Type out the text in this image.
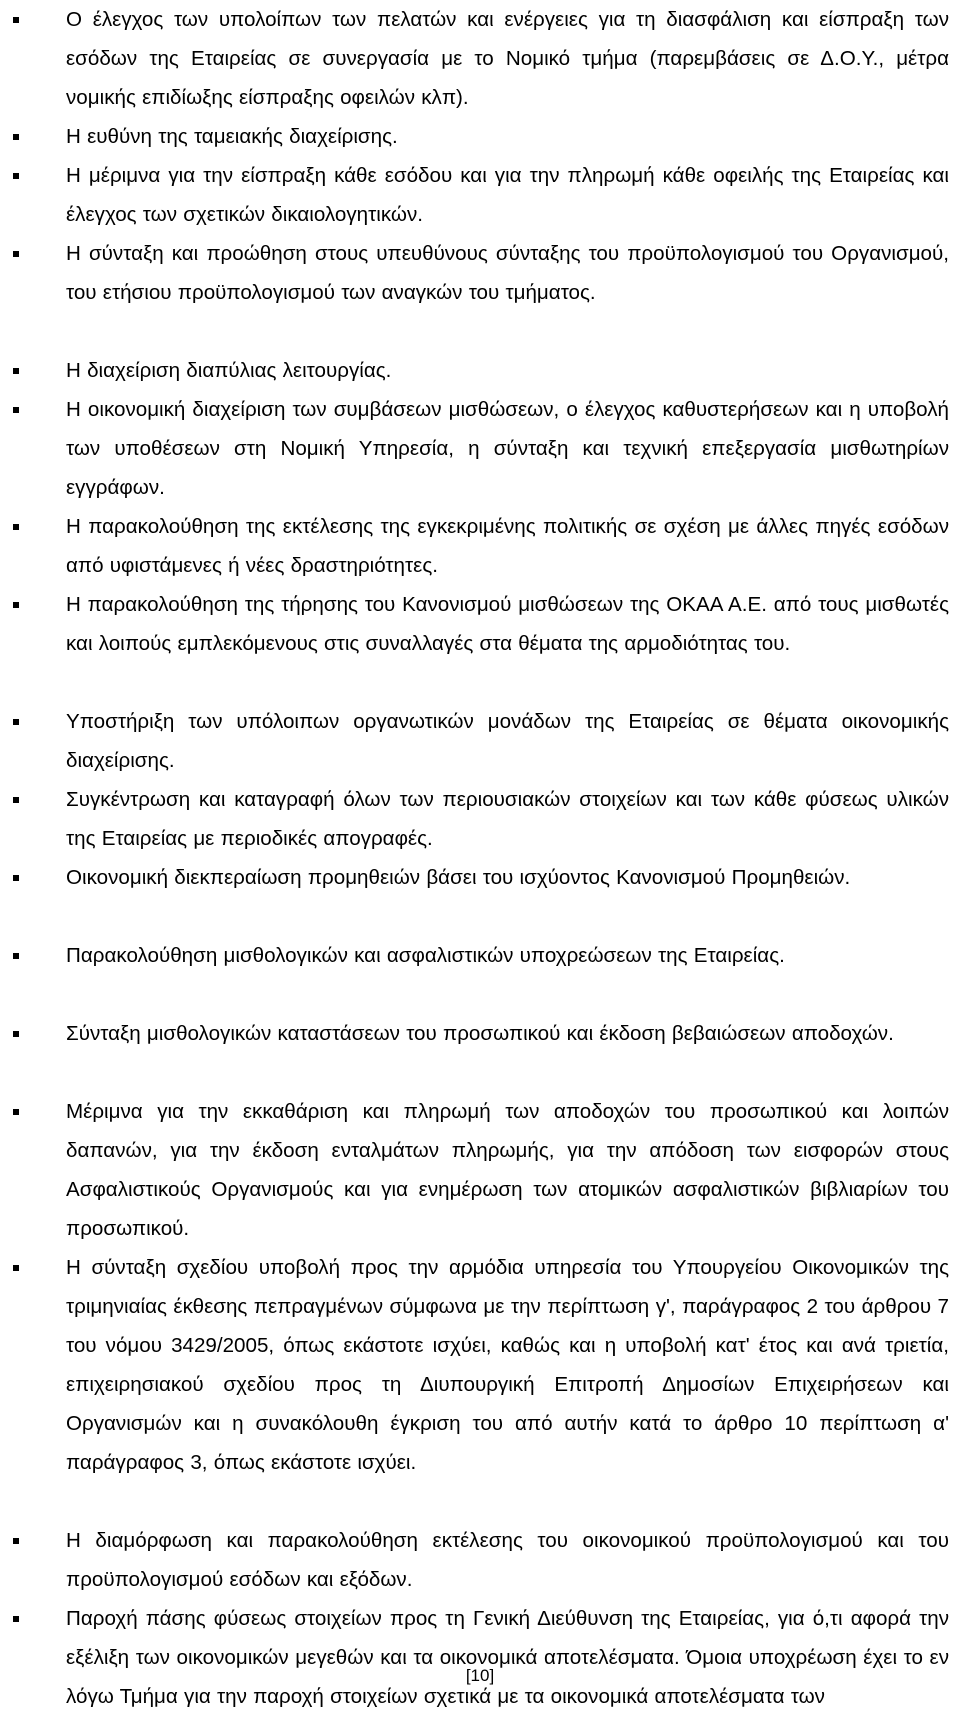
Ο έλεγχος των υπολοίπων των πελατών και ενέργειες για τη διασφάλιση και είσπραξη των εσόδων της Εταιρείας σε συνεργασία με το Νομικό τμήμα (παρεμβάσεις σε Δ.Ο.Υ., μέτρα νομικής επιδίωξης είσπραξης οφειλών κλπ).
Η ευθύνη της ταμειακής διαχείρισης.
Η μέριμνα για την είσπραξη κάθε εσόδου και για την πληρωμή κάθε οφειλής της Εταιρείας και έλεγχος των σχετικών δικαιολογητικών.
Η σύνταξη και προώθηση στους υπευθύνους σύνταξης του προϋπολογισμού του Οργανισμού, του ετήσιου προϋπολογισμού των αναγκών του τμήματος.
Η διαχείριση διαπύλιας λειτουργίας.
Η οικονομική διαχείριση των συμβάσεων μισθώσεων, ο έλεγχος καθυστερήσεων και η υποβολή των υποθέσεων στη Νομική Υπηρεσία, η σύνταξη και τεχνική επεξεργασία μισθωτηρίων εγγράφων.
Η παρακολούθηση της εκτέλεσης της εγκεκριμένης πολιτικής σε σχέση με άλλες πηγές εσόδων από υφιστάμενες ή νέες δραστηριότητες.
Η παρακολούθηση της τήρησης του Κανονισμού μισθώσεων της ΟΚΑΑ Α.Ε. από τους μισθωτές και λοιπούς εμπλεκόμενους στις συναλλαγές στα θέματα της αρμοδιότητας του.
Υποστήριξη των υπόλοιπων οργανωτικών μονάδων της Εταιρείας σε θέματα οικονομικής διαχείρισης.
Συγκέντρωση και καταγραφή όλων των περιουσιακών στοιχείων και των κάθε φύσεως υλικών της Εταιρείας με περιοδικές απογραφές.
Οικονομική διεκπεραίωση προμηθειών βάσει του ισχύοντος Κανονισμού Προμηθειών.
Παρακολούθηση μισθολογικών και ασφαλιστικών υποχρεώσεων της Εταιρείας.
Σύνταξη μισθολογικών καταστάσεων του προσωπικού και έκδοση βεβαιώσεων αποδοχών.
Μέριμνα για την εκκαθάριση και πληρωμή των αποδοχών του προσωπικού και λοιπών δαπανών, για την έκδοση ενταλμάτων πληρωμής, για την απόδοση των εισφορών στους Ασφαλιστικούς Οργανισμούς και για ενημέρωση των ατομικών ασφαλιστικών βιβλιαρίων του προσωπικού.
Η σύνταξη σχεδίου υποβολή προς την αρμόδια υπηρεσία του Υπουργείου Οικονομικών της τριμηνιαίας έκθεσης πεπραγμένων σύμφωνα με την περίπτωση γ', παράγραφος 2 του άρθρου 7 του νόμου 3429/2005, όπως εκάστοτε ισχύει, καθώς και η υποβολή κατ' έτος και ανά τριετία, επιχειρησιακού σχεδίου προς τη Διυπουργική Επιτροπή Δημοσίων Επιχειρήσεων και Οργανισμών και η συνακόλουθη έγκριση του από αυτήν κατά το άρθρο 10 περίπτωση α' παράγραφος 3, όπως εκάστοτε ισχύει.
Η διαμόρφωση και παρακολούθηση εκτέλεσης του οικονομικού προϋπολογισμού και του προϋπολογισμού εσόδων και εξόδων.
Παροχή πάσης φύσεως στοιχείων προς τη Γενική Διεύθυνση της Εταιρείας, για ό,τι αφορά την εξέλιξη των οικονομικών μεγεθών και τα οικονομικά αποτελέσματα. Όμοια υποχρέωση έχει το εν λόγω Τμήμα για την παροχή στοιχείων σχετικά με τα οικονομικά αποτελέσματα των
[10]
